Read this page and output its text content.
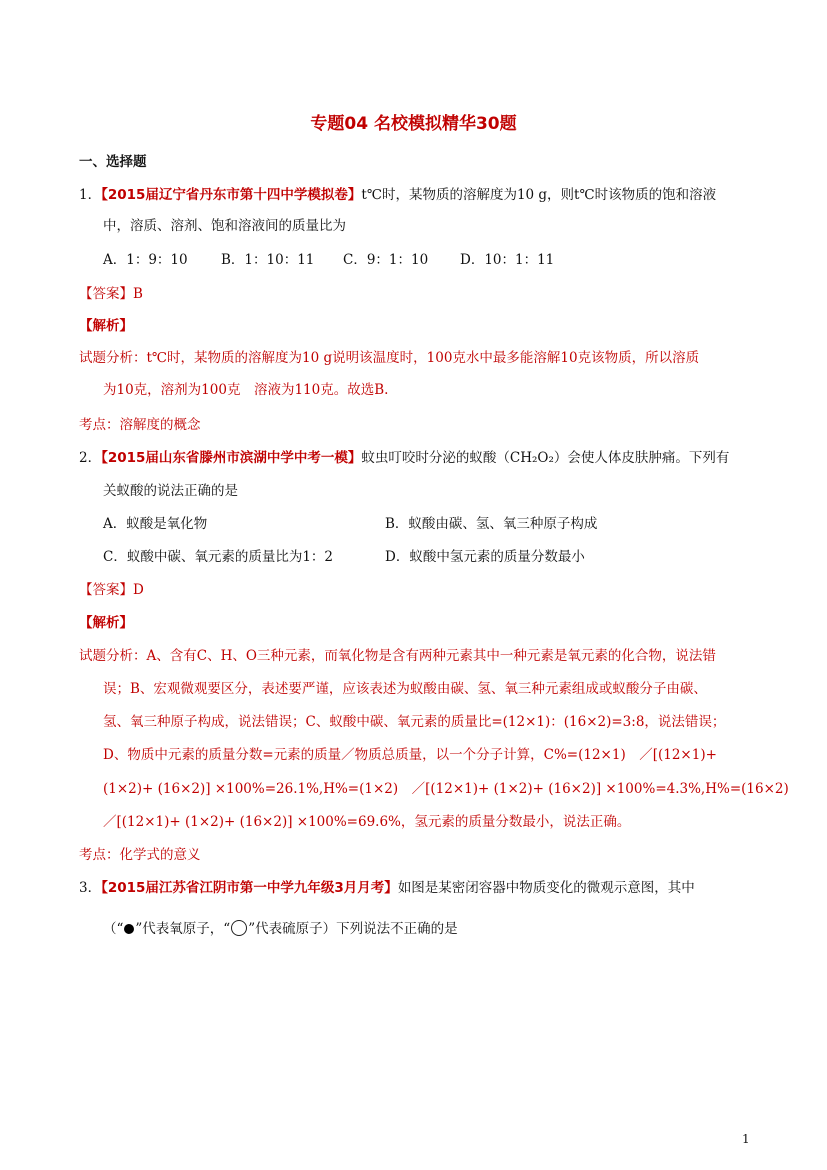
专题04 名校模拟精华30题
一、选择题
1．【2015届辽宁省丹东市第十四中学模拟卷】t℃时，某物质的溶解度为10 g，则t℃时该物质的饱和溶液
中，溶质、溶剂、饱和溶液间的质量比为
A．1：9：10 B．1：10：11 C．9：1：10 D．10：1：11
【答案】B
【解析】
试题分析：t℃时，某物质的溶解度为10 g说明该温度时，100克水中最多能溶解10克该物质，所以溶质
为10克，溶剂为100克　溶液为110克。故选B.
考点：溶解度的概念
2．【2015届山东省滕州市滨湖中学中考一模】蚊虫叮咬时分泌的蚁酸（CH₂O₂）会使人体皮肤肿痛。下列有
关蚁酸的说法正确的是
A．蚁酸是氧化物	B．蚁酸由碳、氢、氧三种原子构成
C．蚁酸中碳、氧元素的质量比为1：2	D．蚁酸中氢元素的质量分数最小
【答案】D
【解析】
试题分析：A、含有C、H、O三种元素，而氧化物是含有两种元素其中一种元素是氧元素的化合物，说法错
误；B、宏观微观要区分，表述要严谨，应该表述为蚁酸由碳、氢、氧三种元素组成或蚁酸分子由碳、
氢、氧三种原子构成，说法错误；C、蚁酸中碳、氧元素的质量比=(12×1)：(16×2)=3:8，说法错误；
D、物质中元素的质量分数=元素的质量／物质总质量，以一个分子计算，C%=(12×1)　／[(12×1)+
(1×2)+ (16×2)] ×100%=26.1%,H%=(1×2)　／[(12×1)+ (1×2)+ (16×2)] ×100%=4.3%,H%=(16×2)
／[(12×1)+ (1×2)+ (16×2)] ×100%=69.6%，氢元素的质量分数最小，说法正确。
考点：化学式的意义
3．【2015届江苏省江阴市第一中学九年级3月月考】如图是某密闭容器中物质变化的微观示意图，其中
（“ ”代表氧原子，“ ”代表硫原子）下列说法不正确的是
1
